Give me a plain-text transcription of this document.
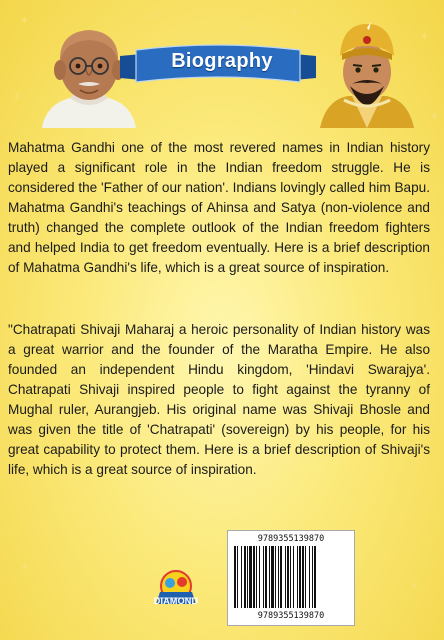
✦	✦
✦
✦
✦
✦
✦
✦
✦
Biography

Mahatma Gandhi one of the most revered names in Indian history played a significant role in the Indian freedom struggle. He is considered the 'Father of our nation'. Indians lovingly called him Bapu. Mahatma Gandhi's teachings of Ahinsa and Satya (non-violence and truth) changed the complete outlook of the Indian freedom fighters and helped India to get freedom eventually. Here is a brief description of Mahatma Gandhi's life, which is a great source of inspiration.

"Chatrapati Shivaji Maharaj a heroic personality of Indian history was a great warrior and the founder of the Maratha Empire. He also founded an independent Hindu kingdom, 'Hindavi Swarajya'. Chatrapati Shivaji inspired people to fight against the tyranny of Mughal ruler, Aurangjeb. His original name was Shivaji Bhosle and was given the title of 'Chatrapati' (sovereign) by his people, for his great capability to protect them. Here is a brief description of Shivaji's life, which is a great source of inspiration.

DIAMOND
9789355139870
9789355139870
